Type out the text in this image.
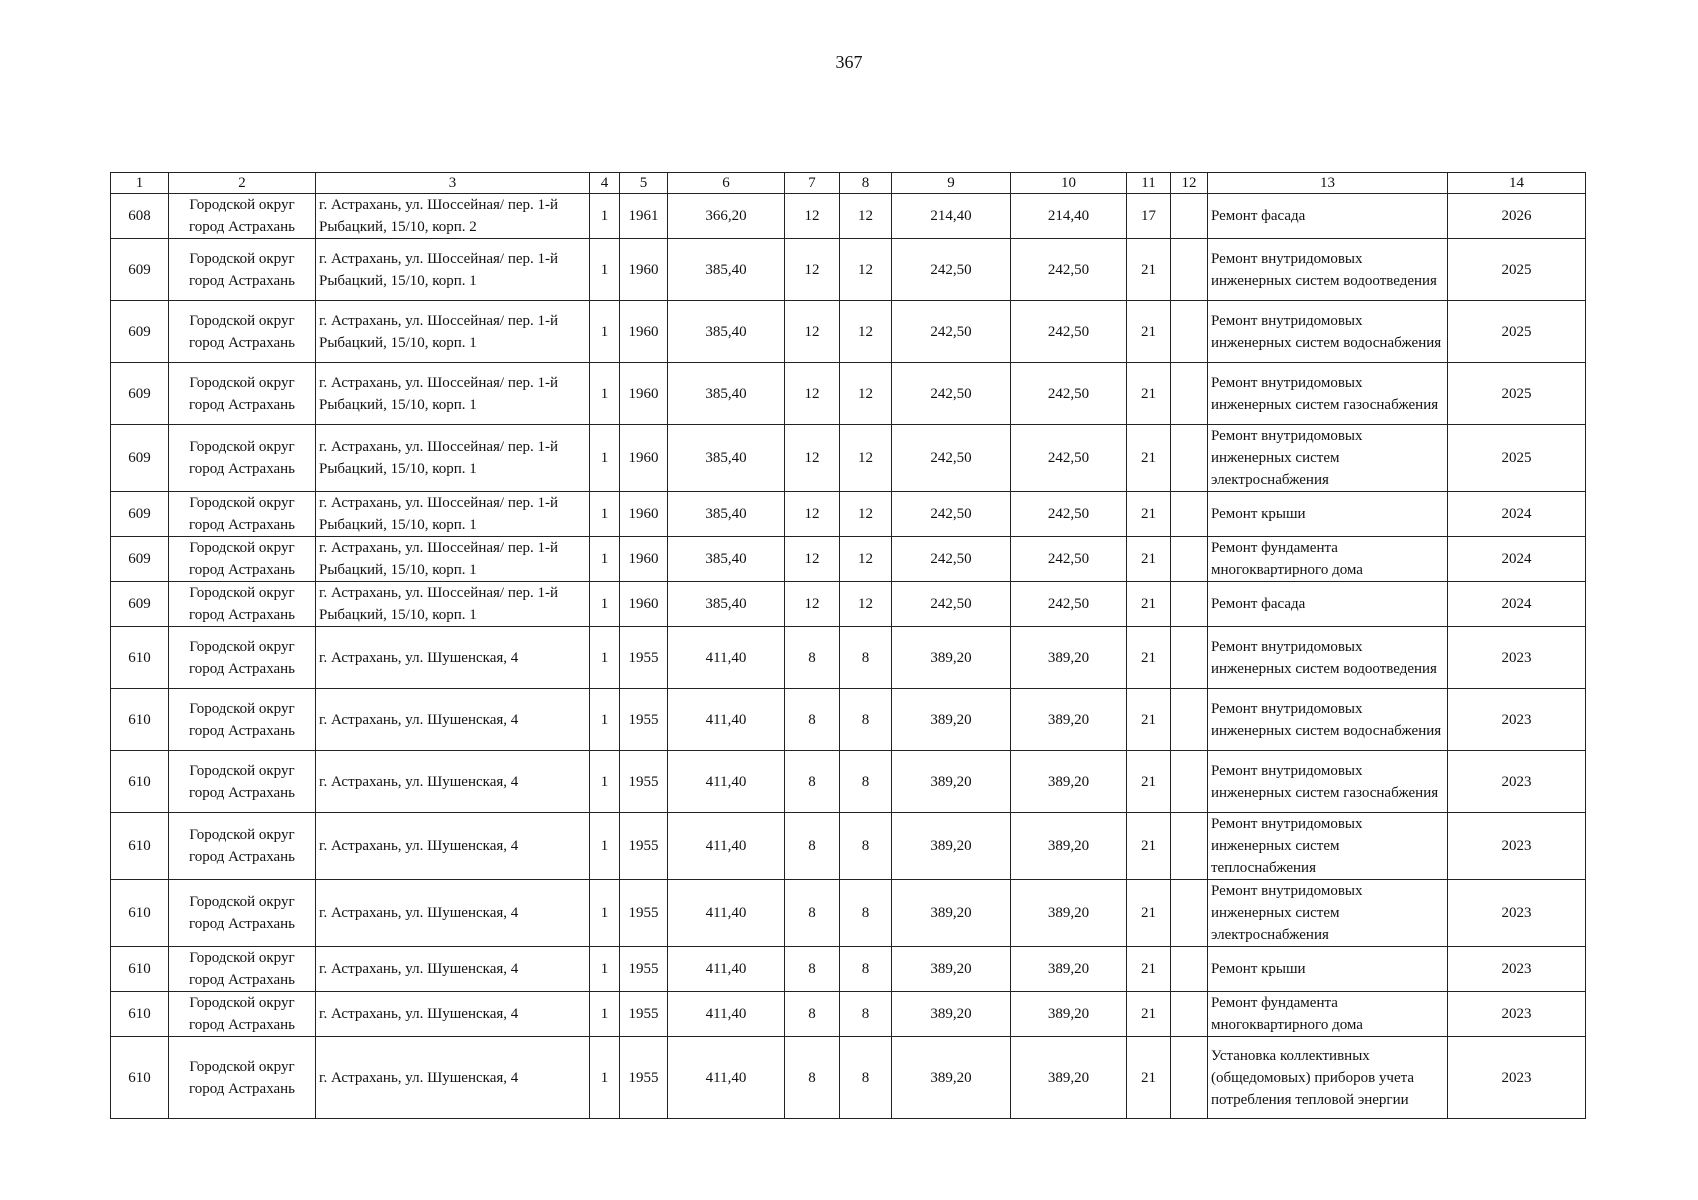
367
1	2	3	4	5	6	7	8	9	10	11	12	13	14
608	Городской округ город Астрахань	г. Астрахань, ул. Шоссейная/ пер. 1-й Рыбацкий, 15/10, корп. 2	1	1961	366,20	12	12	214,40	214,40	17		Ремонт фасада	2026
609	Городской округ город Астрахань	г. Астрахань, ул. Шоссейная/ пер. 1-й Рыбацкий, 15/10, корп. 1	1	1960	385,40	12	12	242,50	242,50	21		Ремонт внутридомовых инженерных систем водоотведения	2025
609	Городской округ город Астрахань	г. Астрахань, ул. Шоссейная/ пер. 1-й Рыбацкий, 15/10, корп. 1	1	1960	385,40	12	12	242,50	242,50	21		Ремонт внутридомовых инженерных систем водоснабжения	2025
609	Городской округ город Астрахань	г. Астрахань, ул. Шоссейная/ пер. 1-й Рыбацкий, 15/10, корп. 1	1	1960	385,40	12	12	242,50	242,50	21		Ремонт внутридомовых инженерных систем газоснабжения	2025
609	Городской округ город Астрахань	г. Астрахань, ул. Шоссейная/ пер. 1-й Рыбацкий, 15/10, корп. 1	1	1960	385,40	12	12	242,50	242,50	21		Ремонт внутридомовых инженерных систем электроснабжения	2025
609	Городской округ город Астрахань	г. Астрахань, ул. Шоссейная/ пер. 1-й Рыбацкий, 15/10, корп. 1	1	1960	385,40	12	12	242,50	242,50	21		Ремонт крыши	2024
609	Городской округ город Астрахань	г. Астрахань, ул. Шоссейная/ пер. 1-й Рыбацкий, 15/10, корп. 1	1	1960	385,40	12	12	242,50	242,50	21		Ремонт фундамента многоквартирного дома	2024
609	Городской округ город Астрахань	г. Астрахань, ул. Шоссейная/ пер. 1-й Рыбацкий, 15/10, корп. 1	1	1960	385,40	12	12	242,50	242,50	21		Ремонт фасада	2024
610	Городской округ город Астрахань	г. Астрахань, ул. Шушенская, 4	1	1955	411,40	8	8	389,20	389,20	21		Ремонт внутридомовых инженерных систем водоотведения	2023
610	Городской округ город Астрахань	г. Астрахань, ул. Шушенская, 4	1	1955	411,40	8	8	389,20	389,20	21		Ремонт внутридомовых инженерных систем водоснабжения	2023
610	Городской округ город Астрахань	г. Астрахань, ул. Шушенская, 4	1	1955	411,40	8	8	389,20	389,20	21		Ремонт внутридомовых инженерных систем газоснабжения	2023
610	Городской округ город Астрахань	г. Астрахань, ул. Шушенская, 4	1	1955	411,40	8	8	389,20	389,20	21		Ремонт внутридомовых инженерных систем теплоснабжения	2023
610	Городской округ город Астрахань	г. Астрахань, ул. Шушенская, 4	1	1955	411,40	8	8	389,20	389,20	21		Ремонт внутридомовых инженерных систем электроснабжения	2023
610	Городской округ город Астрахань	г. Астрахань, ул. Шушенская, 4	1	1955	411,40	8	8	389,20	389,20	21		Ремонт крыши	2023
610	Городской округ город Астрахань	г. Астрахань, ул. Шушенская, 4	1	1955	411,40	8	8	389,20	389,20	21		Ремонт фундамента многоквартирного дома	2023
610	Городской округ город Астрахань	г. Астрахань, ул. Шушенская, 4	1	1955	411,40	8	8	389,20	389,20	21		Установка коллективных (общедомовых) приборов учета потребления тепловой энергии	2023
